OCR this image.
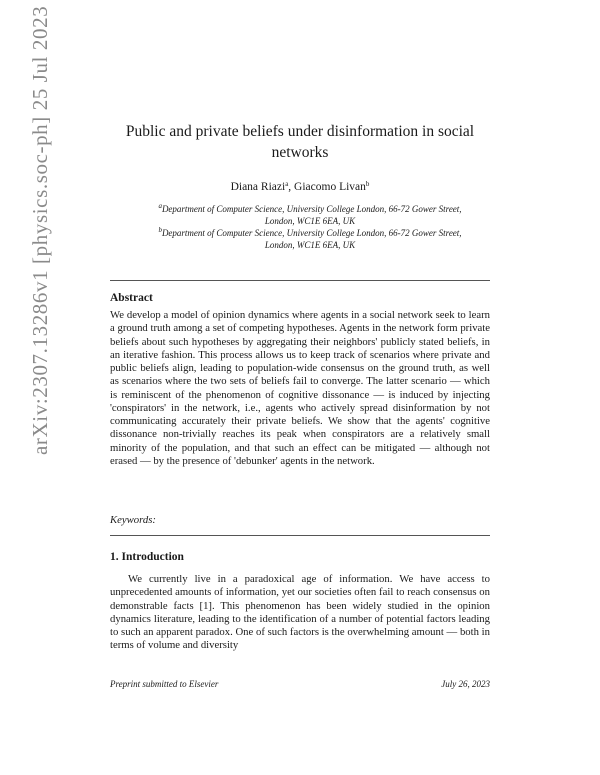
arXiv:2307.13286v1 [physics.soc-ph] 25 Jul 2023	Public and private beliefs under disinformation in social networks
Diana Riazi$^a$, Giacomo Livan$^b$
$^a$Department of Computer Science, University College London, 66-72 Gower Street, London, WC1E 6EA, UK
$^b$Department of Computer Science, University College London, 66-72 Gower Street, London, WC1E 6EA, UK
Abstract
We develop a model of opinion dynamics where agents in a social network seek to learn a ground truth among a set of competing hypotheses. Agents in the network form private beliefs about such hypotheses by aggregating their neighbors' publicly stated beliefs, in an iterative fashion. This process allows us to keep track of scenarios where private and public beliefs align, leading to population-wide consensus on the ground truth, as well as scenarios where the two sets of beliefs fail to converge. The latter scenario — which is reminiscent of the phenomenon of cognitive dissonance — is induced by injecting 'conspirators' in the network, i.e., agents who actively spread disinformation by not communicating accurately their private beliefs. We show that the agents' cognitive dissonance non-trivially reaches its peak when conspirators are a relatively small minority of the population, and that such an effect can be mitigated — although not erased — by the presence of 'debunker' agents in the network.
Keywords:
1. Introduction
We currently live in a paradoxical age of information. We have access to unprecedented amounts of information, yet our societies often fail to reach consensus on demonstrable facts [1]. This phenomenon has been widely studied in the opinion dynamics literature, leading to the identification of a number of potential factors leading to such an apparent paradox. One of such factors is the overwhelming amount — both in terms of volume and diversity
Preprint submitted to Elsevier	July 26, 2023
